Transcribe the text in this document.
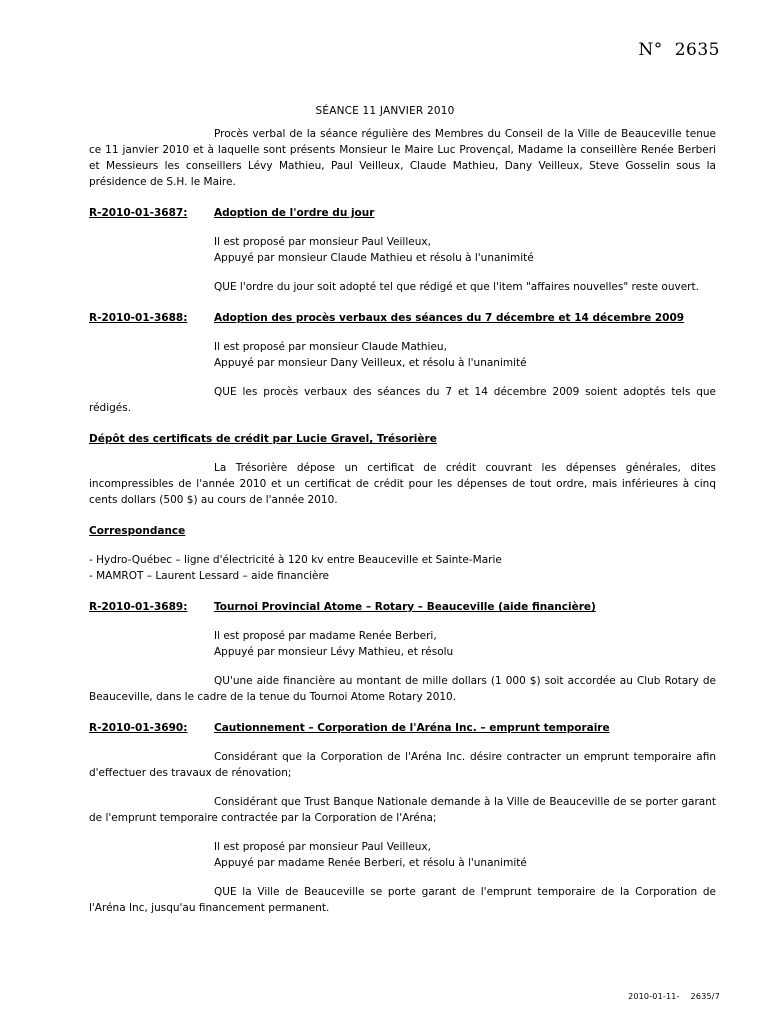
N° 2635
SÉANCE 11 JANVIER 2010

Procès verbal de la séance régulière des Membres du Conseil de la Ville de Beauceville tenue ce 11 janvier 2010 et à laquelle sont présents Monsieur le Maire Luc Provençal, Madame la conseillère Renée Berberi et Messieurs les conseillers Lévy Mathieu, Paul Veilleux, Claude Mathieu, Dany Veilleux, Steve Gosselin sous la présidence de S.H. le Maire.

R-2010-01-3687:	Adoption de l'ordre du jour

Il est proposé par monsieur Paul Veilleux,

Appuyé par monsieur Claude Mathieu et résolu à l'unanimité

QUE l'ordre du jour soit adopté tel que rédigé et que l'item "affaires nouvelles" reste ouvert.

R-2010-01-3688:	Adoption des procès verbaux des séances du 7 décembre et 14 décembre 2009

Il est proposé par monsieur Claude Mathieu,

Appuyé par monsieur Dany Veilleux, et résolu à l'unanimité

QUE les procès verbaux des séances du 7 et 14 décembre 2009 soient adoptés tels que rédigés.

Dépôt des certificats de crédit par Lucie Gravel, Trésorière

La Trésorière dépose un certificat de crédit couvrant les dépenses générales, dites incompressibles de l'année 2010 et un certificat de crédit pour les dépenses de tout ordre, mais inférieures à cinq cents dollars (500 $) au cours de l'année 2010.

Correspondance

- Hydro-Québec – ligne d'électricité à 120 kv entre Beauceville et Sainte-Marie

- MAMROT – Laurent Lessard – aide financière

R-2010-01-3689:	Tournoi Provincial Atome – Rotary – Beauceville (aide financière)

Il est proposé par madame Renée Berberi,

Appuyé par monsieur Lévy Mathieu, et résolu

QU'une aide financière au montant de mille dollars (1 000 $) soit accordée au Club Rotary de Beauceville, dans le cadre de la tenue du Tournoi Atome Rotary 2010.

R-2010-01-3690:	Cautionnement – Corporation de l'Aréna Inc. – emprunt temporaire

Considérant que la Corporation de l'Aréna Inc. désire contracter un emprunt temporaire afin d'effectuer des travaux de rénovation;

Considérant que Trust Banque Nationale demande à la Ville de Beauceville de se porter garant de l'emprunt temporaire contractée par la Corporation de l'Aréna;

Il est proposé par monsieur Paul Veilleux,

Appuyé par madame Renée Berberi, et résolu à l'unanimité

QUE la Ville de Beauceville se porte garant de l'emprunt temporaire de la Corporation de l'Aréna Inc, jusqu'au financement permanent.

2010-01-11- 2635/7
